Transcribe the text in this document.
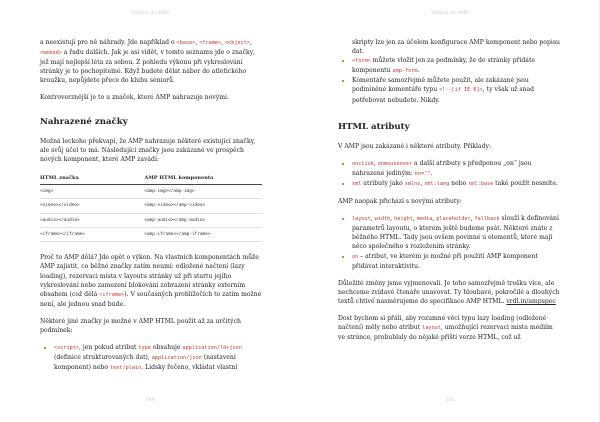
Vzhůru do AMP

a neexistují pro ně náhrady. Jde například o <base>, <frame>, <object>, <embed> a řadu dalších. Jak je asi vidět, v tomto seznamu jde o značky, jež mají nejlepší léta za sebou. Z pohledu výkonu při vykreslování stránky je to pochopitelné. Když budete dělat nábor do atletického kroužku, nepůjdete přece do klubu seniorů.

Kontroverznější je to u značek, které AMP nahrazuje novými.

Nahrazené značky

Možná leckoho překvapí, že AMP nahrazuje některé existující značky, ale svůj účel to má. Následující značky jsou zakázané ve prospěch nových komponent, které AMP zavádí:

HTML značka	AMP HTML komponenta
<img>	<amp-img></amp-img>
<video></video>	<amp-video></amp-video>
<audio></audio>	<amp-audio></amp-audio>
<iframe></iframe>	<amp-iframe></amp-iframe>

Proč to AMP dělá? Jde opět o výkon. Na vlastních komponentách může AMP zajistit, co běžné značky zatím neumí: odložené načtení (lazy loading), rezervaci místa v layoutu stránky už při startu jejího vykreslování nebo zamezení blokování zobrazení stránky externím obsahem (což dělá <iframe>). V současných prohlížečích to zatím možné není, ale jednou snad bude.

Některé jiné značky je možné v AMP HTML použít až za určitých podmínek:

• <script>, jen pokud atribut type obsahuje application/ld+json (definice strukturovaných dat), application/json (nastavení komponent) nebo text/plain. Lidsky řečeno, vkládat vlastní
104
Vzhůru do AMP
skripty lze jen za účelem konfigurace AMP komponent nebo popisu dat.
• <form> můžete vložit jen za podmínky, že do stránky přidáte komponentu amp-form.
• Komentáře samozřejmě můžete použít, ale zakázané jsou podmíněné komentáře typu <!--[if IE 6]>, ty však už snad potřebovat nebudete. Nikdy.
HTML atributy

V AMP jsou zakázané i některé atributy. Příklady:

• onclick, onmouseover a další atributy s předponou „on“ jsou nahrazené jediným: on="".
• xml atributy jako xmlns, xml:lang nebo xml:base také použít nesmíte.

AMP naopak přichází s novými atributy:

• layout, width, height, media, placeholder, fallback slouží k definování parametrů layoutu, o kterém ještě budeme psát. Některé znáte z běžného HTML. Tady jsou ovšem povinné u elementů, které mají něco společného s rozložením stránky.
• on – atribut, ve kterém je možné při použití AMP komponent přidávat interaktivitu.

Důležité změny jsme vyjmenovali. Je toho samozřejmě trošku více, ale nechceme zvídavé čtenáře unavovat. Ty hloubavé, pokročilé a dlouhých textů chtivé nasměrujeme do specifikace AMP HTML. vrdl.in/ampspec

Dost bychom si přáli, aby rozumné věci typu lazy loading (odložené načtení) měly nebo atribut layout, umožňující rezervaci místa médiím ve stránce, probublaly do nějaké příští verze HTML, což už

105
